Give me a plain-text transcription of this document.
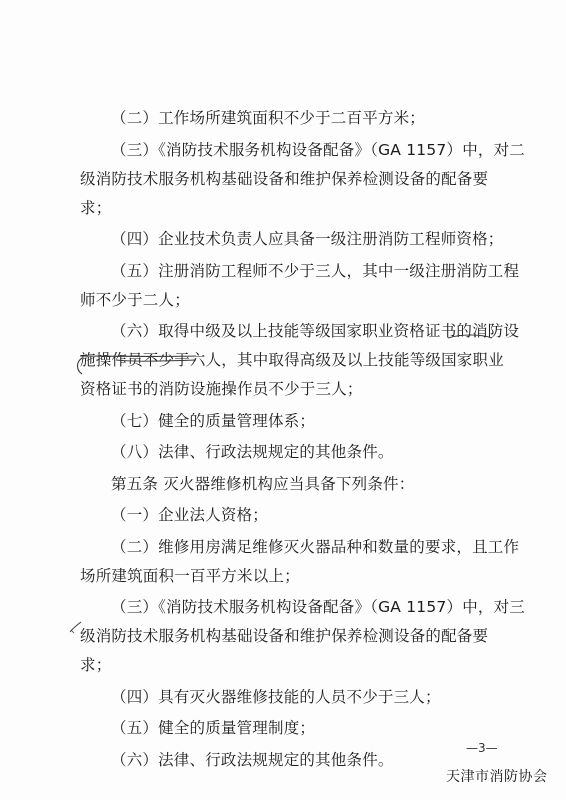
（二）工作场所建筑面积不少于二百平方米；
（三）《消防技术服务机构设备配备》（GA 1157）中，对二
级消防技术服务机构基础设备和维护保养检测设备的配备要
求；
（四）企业技术负责人应具备一级注册消防工程师资格；
（五）注册消防工程师不少于三人，其中一级注册消防工程
师不少于二人；
（六）取得中级及以上技能等级国家职业资格证书的消防设
施操作员不少于六人，其中取得高级及以上技能等级国家职业
资格证书的消防设施操作员不少于三人；
（七）健全的质量管理体系；
（八）法律、行政法规规定的其他条件。
第五条 灭火器维修机构应当具备下列条件：
（一）企业法人资格；
（二）维修用房满足维修灭火器品种和数量的要求，且工作
场所建筑面积一百平方米以上；
（三）《消防技术服务机构设备配备》（GA 1157）中，对三
级消防技术服务机构基础设备和维护保养检测设备的配备要
求；
（四）具有灭火器维修技能的人员不少于三人；
（五）健全的质量管理制度；
（六）法律、行政法规规定的其他条件。
—3—
天津市消防协会
